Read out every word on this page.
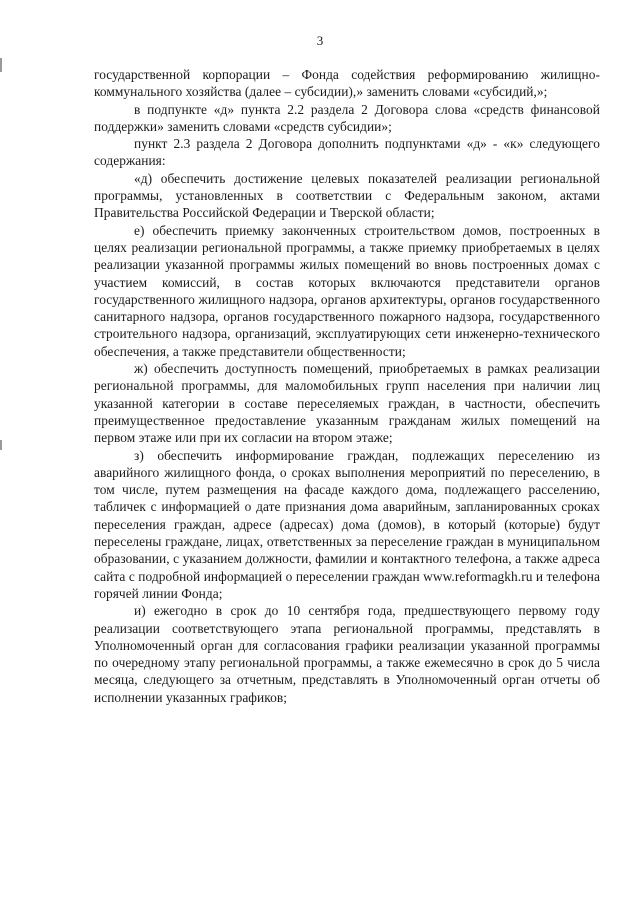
3

государственной корпорации – Фонда содействия реформированию жилищно-коммунального хозяйства (далее – субсидии),» заменить словами «субсидий,»;

в подпункте «д» пункта 2.2 раздела 2 Договора слова «средств финансовой поддержки» заменить словами «средств субсидии»;

пункт 2.3 раздела 2 Договора дополнить подпунктами «д» - «к» следующего содержания:

«д) обеспечить достижение целевых показателей реализации региональной программы, установленных в соответствии с Федеральным законом, актами Правительства Российской Федерации и Тверской области;

е) обеспечить приемку законченных строительством домов, построенных в целях реализации региональной программы, а также приемку приобретаемых в целях реализации указанной программы жилых помещений во вновь построенных домах с участием комиссий, в состав которых включаются представители органов государственного жилищного надзора, органов архитектуры, органов государственного санитарного надзора, органов государственного пожарного надзора, государственного строительного надзора, организаций, эксплуатирующих сети инженерно-технического обеспечения, а также представители общественности;

ж) обеспечить доступность помещений, приобретаемых в рамках реализации региональной программы, для маломобильных групп населения при наличии лиц указанной категории в составе переселяемых граждан, в частности, обеспечить преимущественное предоставление указанным гражданам жилых помещений на первом этаже или при их согласии на втором этаже;

з) обеспечить информирование граждан, подлежащих переселению из аварийного жилищного фонда, о сроках выполнения мероприятий по переселению, в том числе, путем размещения на фасаде каждого дома, подлежащего расселению, табличек с информацией о дате признания дома аварийным, запланированных сроках переселения граждан, адресе (адресах) дома (домов), в который (которые) будут переселены граждане, лицах, ответственных за переселение граждан в муниципальном образовании, с указанием должности, фамилии и контактного телефона, а также адреса сайта с подробной информацией о переселении граждан www.reformagkh.ru и телефона горячей линии Фонда;

и) ежегодно в срок до 10 сентября года, предшествующего первому году реализации соответствующего этапа региональной программы, представлять в Уполномоченный орган для согласования графики реализации указанной программы по очередному этапу региональной программы, а также ежемесячно в срок до 5 числа месяца, следующего за отчетным, представлять в Уполномоченный орган отчеты об исполнении указанных графиков;
